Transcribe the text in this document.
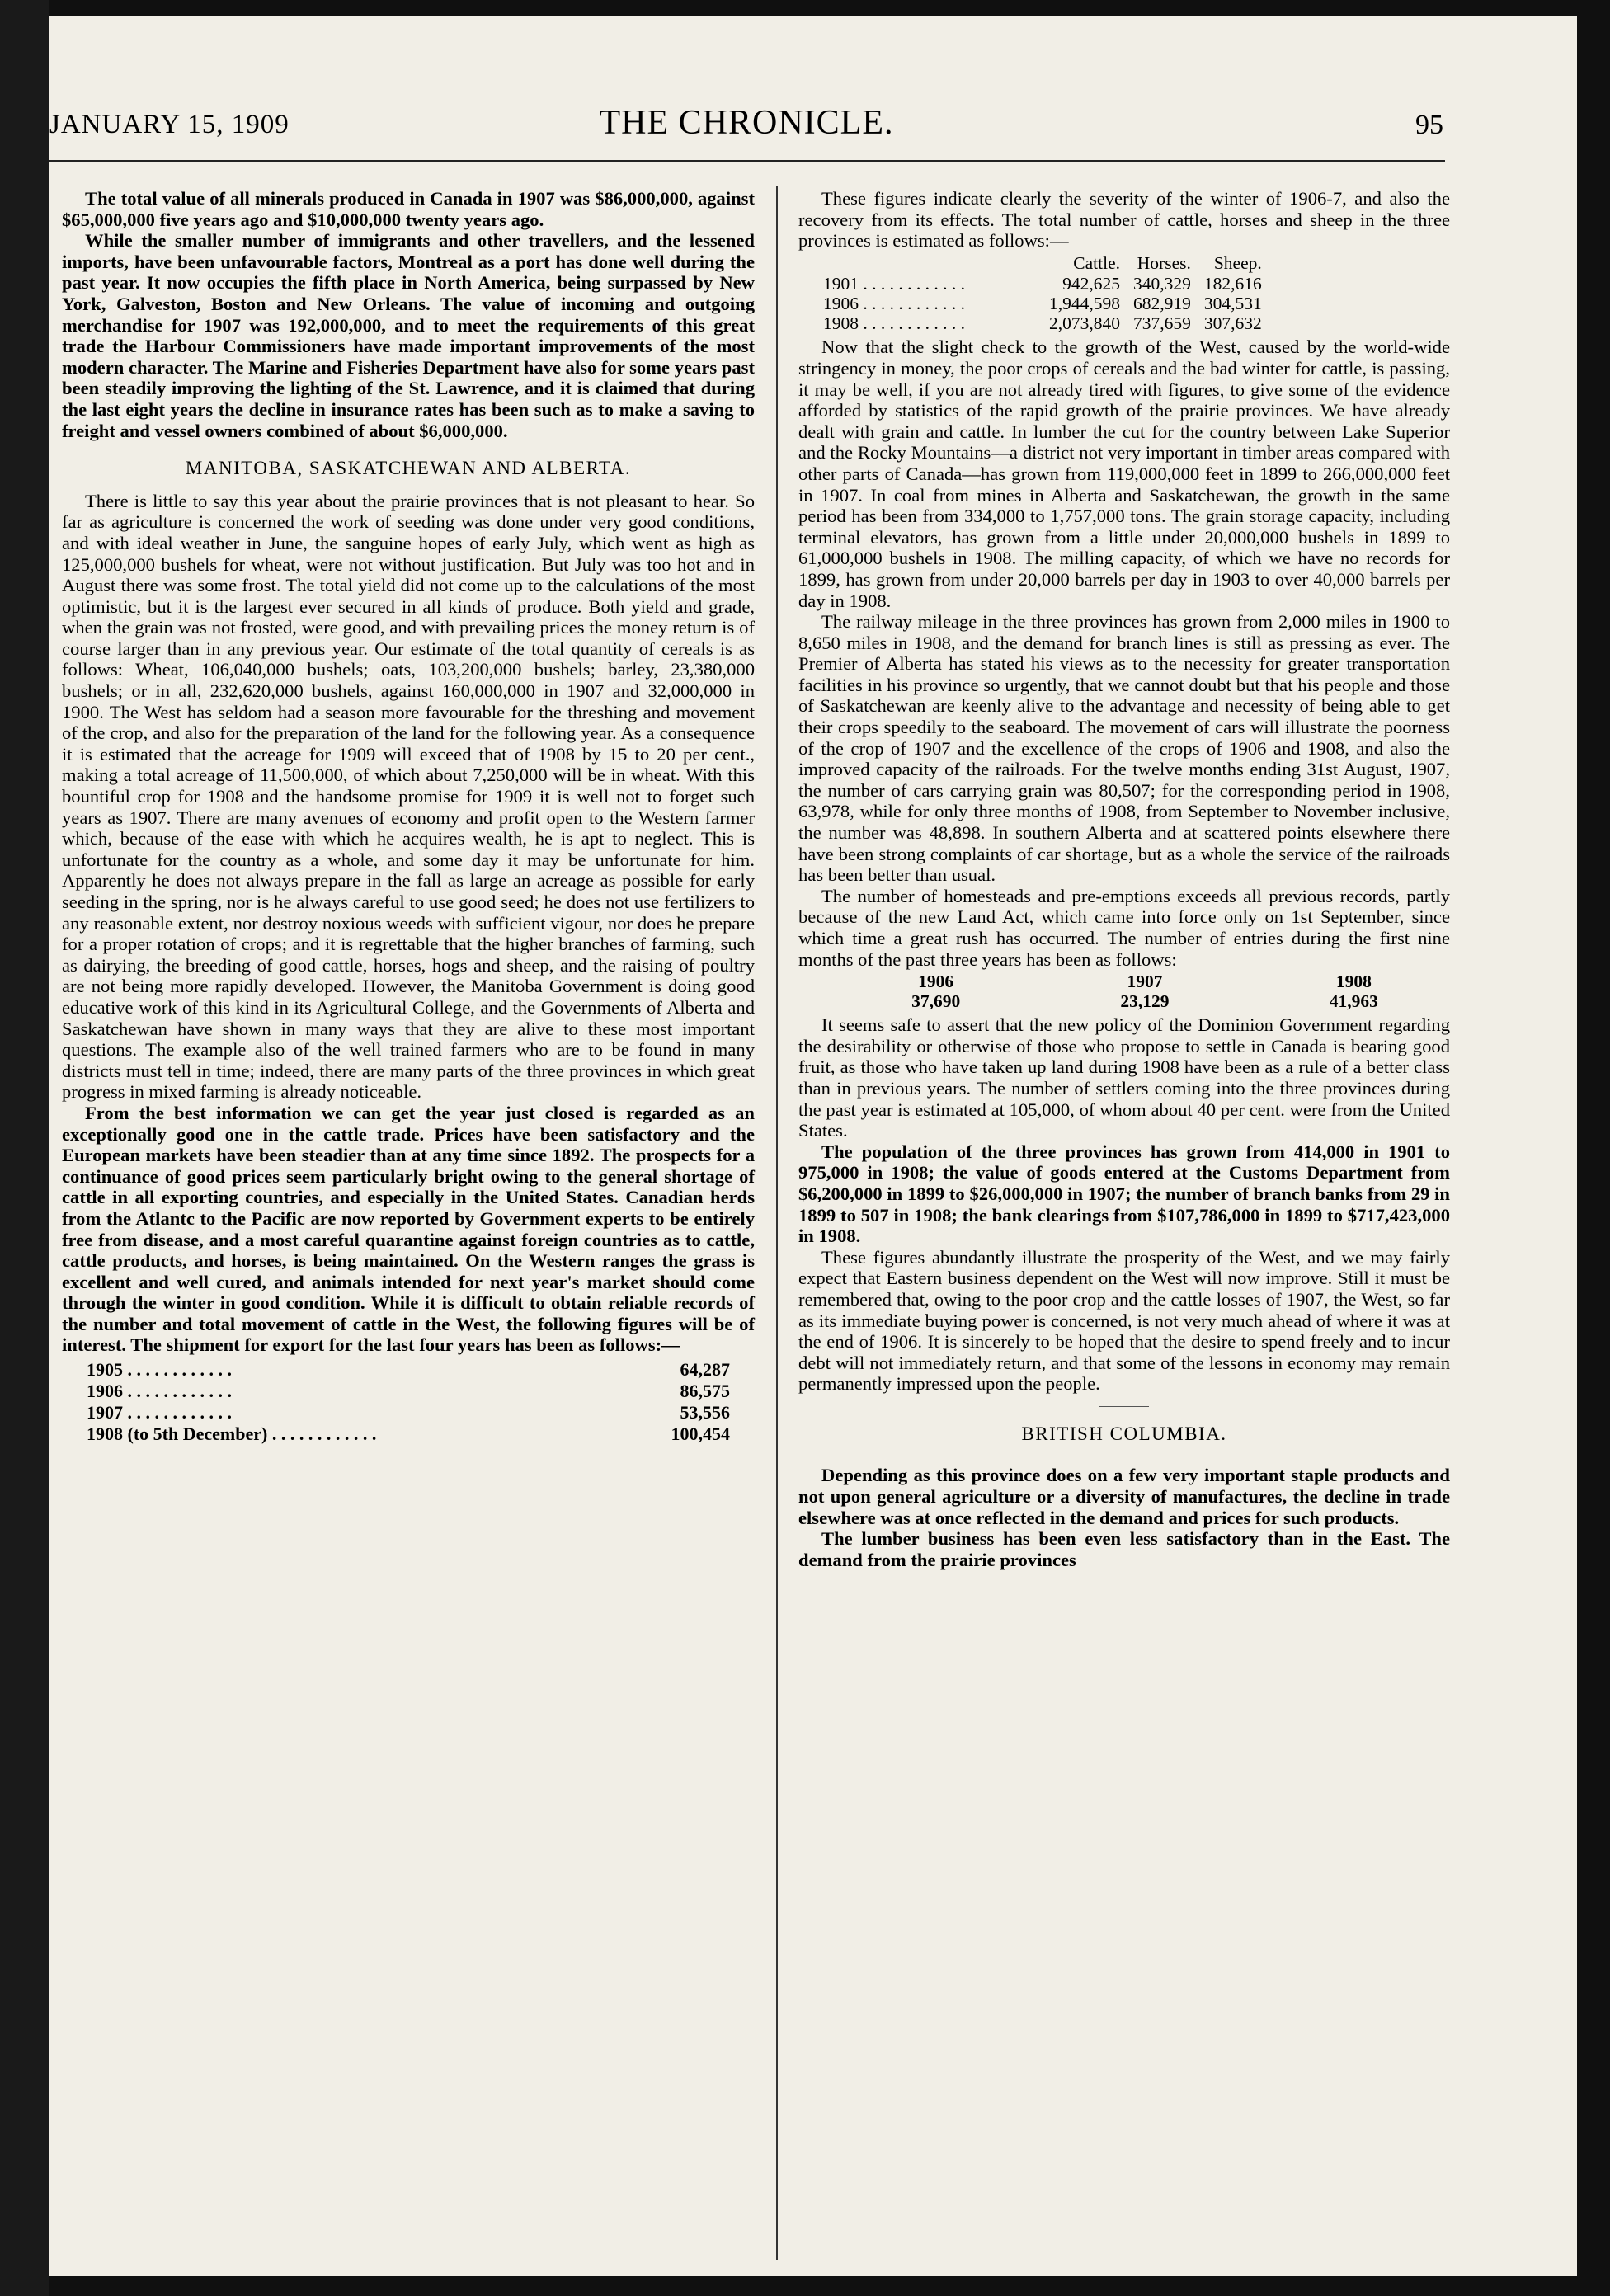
JANUARY 15, 1909	THE CHRONICLE.	95

The total value of all minerals produced in Canada in 1907 was $86,000,000, against $65,000,000 five years ago and $10,000,000 twenty years ago.

While the smaller number of immigrants and other travellers, and the lessened imports, have been unfavourable factors, Montreal as a port has done well during the past year. It now occupies the fifth place in North America, being surpassed by New York, Galveston, Boston and New Orleans. The value of incoming and outgoing merchandise for 1907 was 192,000,000, and to meet the requirements of this great trade the Harbour Commissioners have made important improvements of the most modern character. The Marine and Fisheries Department have also for some years past been steadily improving the lighting of the St. Lawrence, and it is claimed that during the last eight years the decline in insurance rates has been such as to make a saving to freight and vessel owners combined of about $6,000,000.

MANITOBA, SASKATCHEWAN AND ALBERTA.

There is little to say this year about the prairie provinces that is not pleasant to hear. So far as agriculture is concerned the work of seeding was done under very good conditions, and with ideal weather in June, the sanguine hopes of early July, which went as high as 125,000,000 bushels for wheat, were not without justification. But July was too hot and in August there was some frost. The total yield did not come up to the calculations of the most optimistic, but it is the largest ever secured in all kinds of produce. Both yield and grade, when the grain was not frosted, were good, and with prevailing prices the money return is of course larger than in any previous year. Our estimate of the total quantity of cereals is as follows: Wheat, 106,040,000 bushels; oats, 103,200,000 bushels; barley, 23,380,000 bushels; or in all, 232,620,000 bushels, against 160,000,000 in 1907 and 32,000,000 in 1900. The West has seldom had a season more favourable for the threshing and movement of the crop, and also for the preparation of the land for the following year. As a consequence it is estimated that the acreage for 1909 will exceed that of 1908 by 15 to 20 per cent., making a total acreage of 11,500,000, of which about 7,250,000 will be in wheat. With this bountiful crop for 1908 and the handsome promise for 1909 it is well not to forget such years as 1907. There are many avenues of economy and profit open to the Western farmer which, because of the ease with which he acquires wealth, he is apt to neglect. This is unfortunate for the country as a whole, and some day it may be unfortunate for him. Apparently he does not always prepare in the fall as large an acreage as possible for early seeding in the spring, nor is he always careful to use good seed; he does not use fertilizers to any reasonable extent, nor destroy noxious weeds with sufficient vigour, nor does he prepare for a proper rotation of crops; and it is regrettable that the higher branches of farming, such as dairying, the breeding of good cattle, horses, hogs and sheep, and the raising of poultry are not being more rapidly developed. However, the Manitoba Government is doing good educative work of this kind in its Agricultural College, and the Governments of Alberta and Saskatchewan have shown in many ways that they are alive to these most important questions. The example also of the well trained farmers who are to be found in many districts must tell in time; indeed, there are many parts of the three provinces in which great progress in mixed farming is already noticeable.

From the best information we can get the year just closed is regarded as an exceptionally good one in the cattle trade. Prices have been satisfactory and the European markets have been steadier than at any time since 1892. The prospects for a continuance of good prices seem particularly bright owing to the general shortage of cattle in all exporting countries, and especially in the United States. Canadian herds from the Atlantc to the Pacific are now reported by Government experts to be entirely free from disease, and a most careful quarantine against foreign countries as to cattle, cattle products, and horses, is being maintained. On the Western ranges the grass is excellent and well cured, and animals intended for next year's market should come through the winter in good condition. While it is difficult to obtain reliable records of the number and total movement of cattle in the West, the following figures will be of interest. The shipment for export for the last four years has been as follows:—

1905 . . . . . . . . . . . .	64,287
1906 . . . . . . . . . . . .	86,575
1907 . . . . . . . . . . . .	53,556
1908 (to 5th December) . . . . . . . . . . . .	100,454

These figures indicate clearly the severity of the winter of 1906-7, and also the recovery from its effects. The total number of cattle, horses and sheep in the three provinces is estimated as follows:—

	Cattle.	Horses.	Sheep.
1901 . . . . . . . . . . . .	942,625	340,329	182,616
1906 . . . . . . . . . . . .	1,944,598	682,919	304,531
1908 . . . . . . . . . . . .	2,073,840	737,659	307,632

Now that the slight check to the growth of the West, caused by the world-wide stringency in money, the poor crops of cereals and the bad winter for cattle, is passing, it may be well, if you are not already tired with figures, to give some of the evidence afforded by statistics of the rapid growth of the prairie provinces. We have already dealt with grain and cattle. In lumber the cut for the country between Lake Superior and the Rocky Mountains—a district not very important in timber areas compared with other parts of Canada—has grown from 119,000,000 feet in 1899 to 266,000,000 feet in 1907. In coal from mines in Alberta and Saskatchewan, the growth in the same period has been from 334,000 to 1,757,000 tons. The grain storage capacity, including terminal elevators, has grown from a little under 20,000,000 bushels in 1899 to 61,000,000 bushels in 1908. The milling capacity, of which we have no records for 1899, has grown from under 20,000 barrels per day in 1903 to over 40,000 barrels per day in 1908.

The railway mileage in the three provinces has grown from 2,000 miles in 1900 to 8,650 miles in 1908, and the demand for branch lines is still as pressing as ever. The Premier of Alberta has stated his views as to the necessity for greater transportation facilities in his province so urgently, that we cannot doubt but that his people and those of Saskatchewan are keenly alive to the advantage and necessity of being able to get their crops speedily to the seaboard. The movement of cars will illustrate the poorness of the crop of 1907 and the excellence of the crops of 1906 and 1908, and also the improved capacity of the railroads. For the twelve months ending 31st August, 1907, the number of cars carrying grain was 80,507; for the corresponding period in 1908, 63,978, while for only three months of 1908, from September to November inclusive, the number was 48,898. In southern Alberta and at scattered points elsewhere there have been strong complaints of car shortage, but as a whole the service of the railroads has been better than usual.

The number of homesteads and pre-emptions exceeds all previous records, partly because of the new Land Act, which came into force only on 1st September, since which time a great rush has occurred. The number of entries during the first nine months of the past three years has been as follows:

1906	1907	1908
37,690	23,129	41,963

It seems safe to assert that the new policy of the Dominion Government regarding the desirability or otherwise of those who propose to settle in Canada is bearing good fruit, as those who have taken up land during 1908 have been as a rule of a better class than in previous years. The number of settlers coming into the three provinces during the past year is estimated at 105,000, of whom about 40 per cent. were from the United States.

The population of the three provinces has grown from 414,000 in 1901 to 975,000 in 1908; the value of goods entered at the Customs Department from $6,200,000 in 1899 to $26,000,000 in 1907; the number of branch banks from 29 in 1899 to 507 in 1908; the bank clearings from $107,786,000 in 1899 to $717,423,000 in 1908.

These figures abundantly illustrate the prosperity of the West, and we may fairly expect that Eastern business dependent on the West will now improve. Still it must be remembered that, owing to the poor crop and the cattle losses of 1907, the West, so far as its immediate buying power is concerned, is not very much ahead of where it was at the end of 1906. It is sincerely to be hoped that the desire to spend freely and to incur debt will not immediately return, and that some of the lessons in economy may remain permanently impressed upon the people.

BRITISH COLUMBIA.

Depending as this province does on a few very important staple products and not upon general agriculture or a diversity of manufactures, the decline in trade elsewhere was at once reflected in the demand and prices for such products.

The lumber business has been even less satisfactory than in the East. The demand from the prairie provinces
